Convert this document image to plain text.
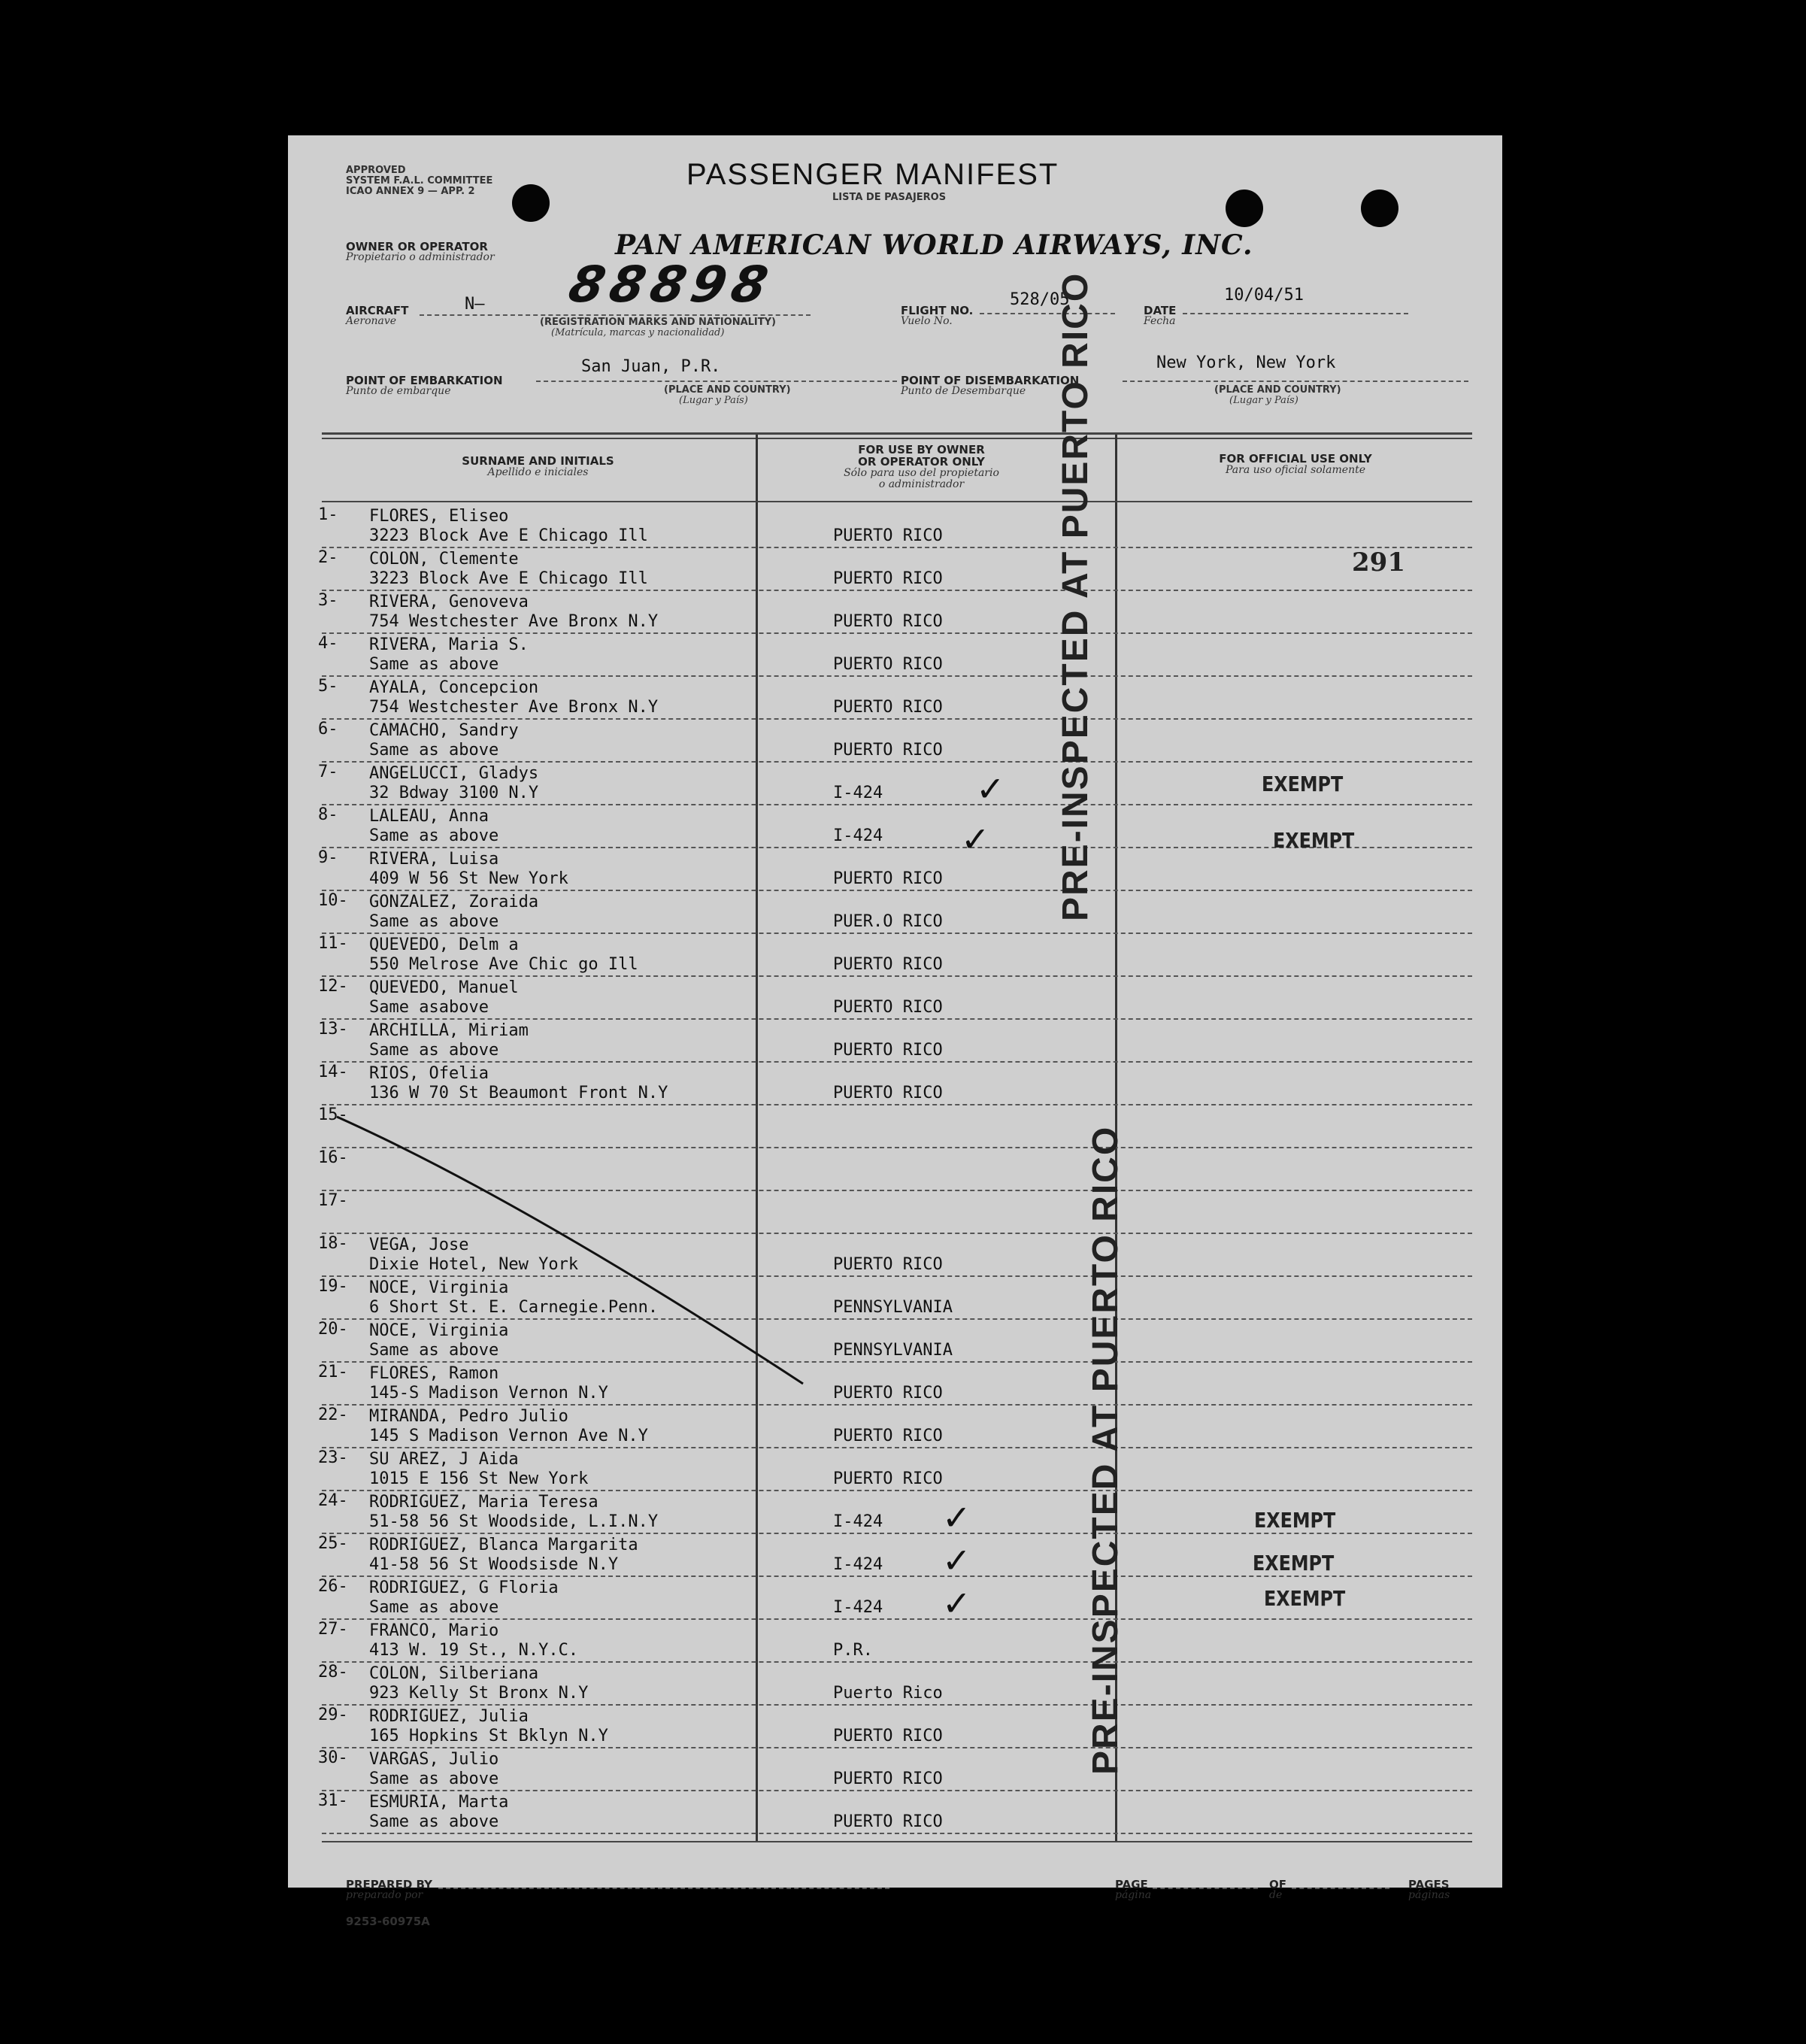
APPROVED
SYSTEM F.A.L. COMMITTEE
ICAO ANNEX 9 — APP. 2
PASSENGER MANIFEST
LISTA DE PASAJEROS
OWNER OR OPERATOR
Propietario o administrador	PAN AMERICAN WORLD AIRWAYS, INC.
AIRCRAFT
Aeronave
N— 88898
(REGISTRATION MARKS AND NATIONALITY)
(Matrícula, marcas y nacionalidad)
FLIGHT NO.
Vuelo No.
528/05
DATE
Fecha
10/04/51
POINT OF EMBARKATION
Punto de embarque
San Juan, P.R.
(PLACE AND COUNTRY)
(Lugar y País)
POINT OF DISEMBARKATION
Punto de Desembarque
New York, New York
(PLACE AND COUNTRY)
(Lugar y País)
SURNAME AND INITIALS
Apellido e iniciales
FOR USE BY OWNER
OR OPERATOR ONLY
Sólo para uso del propietario
o administrador
FOR OFFICIAL USE ONLY
Para uso oficial solamente
1- FLORES, Eliseo
3223 Block Ave E Chicago Ill	PUERTO RICO
2- COLON, Clemente
3223 Block Ave E Chicago Ill	PUERTO RICO
3- RIVERA, Genoveva
754 Westchester Ave Bronx N.Y	PUERTO RICO
4- RIVERA, Maria S.
Same as above	PUERTO RICO
5- AYALA, Concepcion
754 Westchester Ave Bronx N.Y	PUERTO RICO
6- CAMACHO, Sandry
Same as above	PUERTO RICO
7- ANGELUCCI, Gladys
32 Bdway 3100 N.Y	I-424	✓	EXEMPT
8- LALEAU, Anna
Same as above	I-424 ✓	EXEMPT
9- RIVERA, Luisa
409 W 56 St New York	PUERTO RICO
10- GONZALEZ, Zoraida
Same as above	PUER.O RICO
11- QUEVEDO, Delm a
550 Melrose Ave Chic go Ill	PUERTO RICO
12- QUEVEDO, Manuel
Same asabove	PUERTO RICO
13- ARCHILLA, Miriam
Same as above	PUERTO RICO
14- RIOS, Ofelia
136 W 70 St Beaumont Front N.Y	PUERTO RICO
15-
16-
17-
18- VEGA, Jose
Dixie Hotel, New York	PUERTO RICO
19- NOCE, Virginia
6 Short St. E. Carnegie.Penn.	PENNSYLVANIA
20- NOCE, Virginia
Same as above	PENNSYLVANIA
21- FLORES, Ramon
145-S Madison Vernon N.Y	PUERTO RICO
22- MIRANDA, Pedro Julio
145 S Madison Vernon Ave N.Y	PUERTO RICO
23- SU AREZ, J Aida
1015 E 156 St New York	PUERTO RICO
24- RODRIGUEZ, Maria Teresa
51-58 56 St Woodside, L.I.N.Y	I-424 ✓	EXEMPT
25- RODRIGUEZ, Blanca Margarita
41-58 56 St Woodsisde N.Y	I-424 ✓	EXEMPT
26- RODRIGUEZ, G Floria
Same as above	I-424 ✓	EXEMPT
27- FRANCO, Mario
413 W. 19 St., N.Y.C.	P.R.
28- COLON, Silberiana
923 Kelly St Bronx N.Y	Puerto Rico
29- RODRIGUEZ, Julia
165 Hopkins St Bklyn N.Y	PUERTO RICO
30- VARGAS, Julio
Same as above	PUERTO RICO
31- ESMURIA, Marta
Same as above	PUERTO RICO
291
PRE-INSPECTED AT PUERTO RICO
PRE-INSPECTED AT PUERTO RICO
PREPARED BY
preparado por
9253-60975A
PAGE
página
OF
de
PAGES
páginas
